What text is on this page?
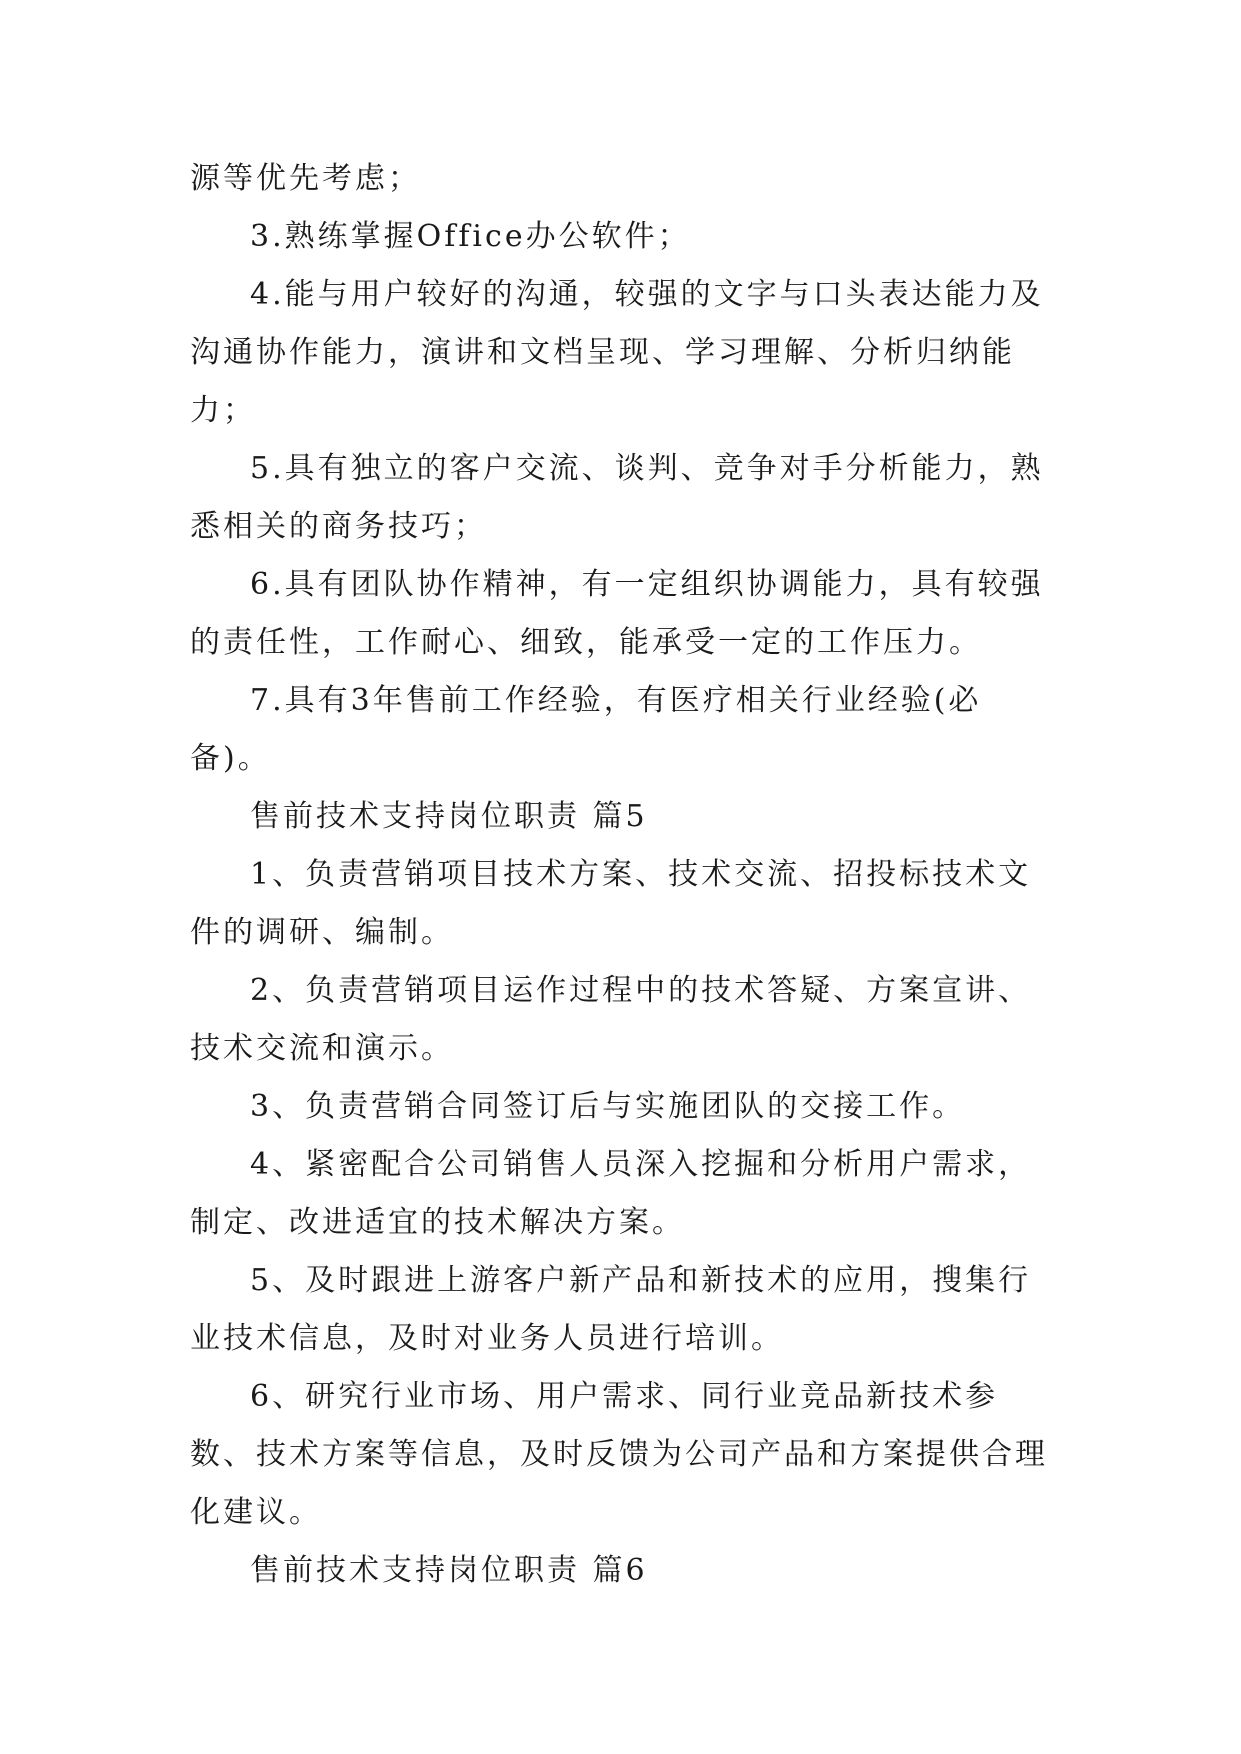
源等优先考虑；

3.熟练掌握Office办公软件；

4.能与用户较好的沟通，较强的文字与口头表达能力及沟通协作能力，演讲和文档呈现、学习理解、分析归纳能力；

5.具有独立的客户交流、谈判、竞争对手分析能力，熟悉相关的商务技巧；

6.具有团队协作精神，有一定组织协调能力，具有较强的责任性，工作耐心、细致，能承受一定的工作压力。

7.具有3年售前工作经验，有医疗相关行业经验(必备)。

售前技术支持岗位职责 篇5

1、负责营销项目技术方案、技术交流、招投标技术文件的调研、编制。

2、负责营销项目运作过程中的技术答疑、方案宣讲、技术交流和演示。

3、负责营销合同签订后与实施团队的交接工作。

4、紧密配合公司销售人员深入挖掘和分析用户需求，制定、改进适宜的技术解决方案。

5、及时跟进上游客户新产品和新技术的应用，搜集行业技术信息，及时对业务人员进行培训。

6、研究行业市场、用户需求、同行业竞品新技术参数、技术方案等信息，及时反馈为公司产品和方案提供合理化建议。

售前技术支持岗位职责 篇6
